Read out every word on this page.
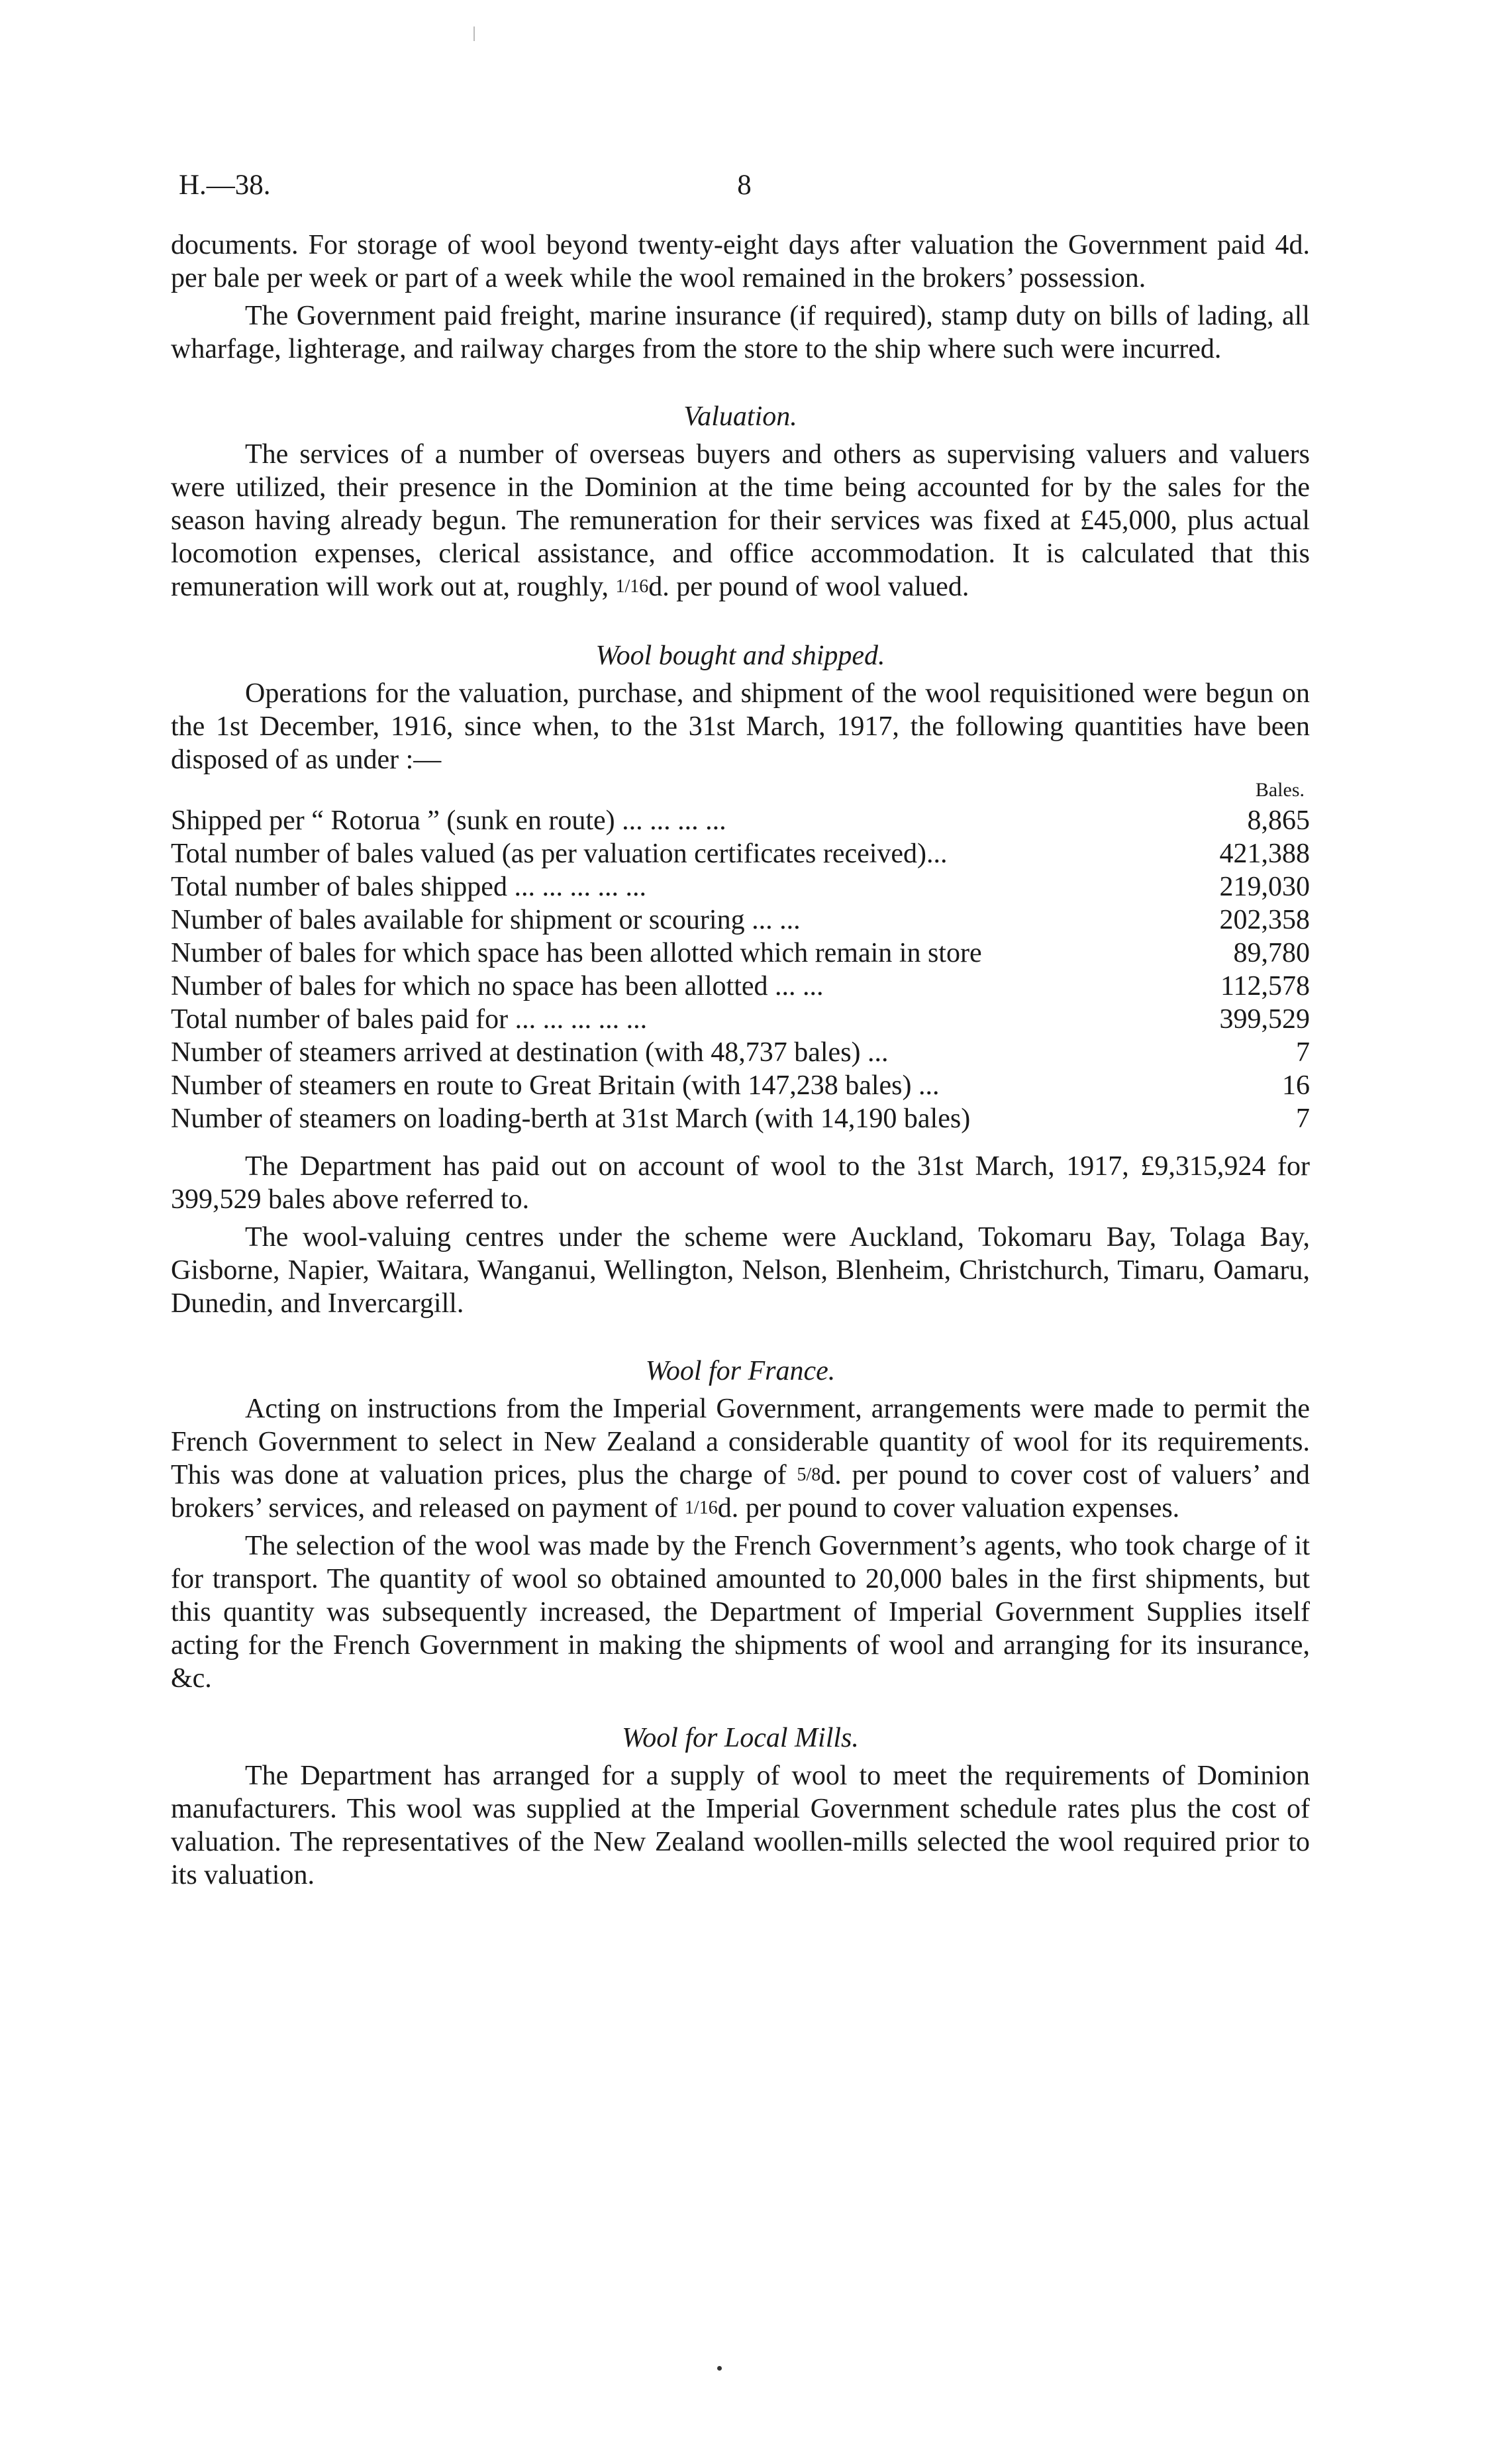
H.—38.	8

documents. For storage of wool beyond twenty-eight days after valuation the Government paid 4d. per bale per week or part of a week while the wool remained in the brokers’ possession.

The Government paid freight, marine insurance (if required), stamp duty on bills of lading, all wharfage, lighterage, and railway charges from the store to the ship where such were incurred.

Valuation.

The services of a number of overseas buyers and others as supervising valuers and valuers were utilized, their presence in the Dominion at the time being accounted for by the sales for the season having already begun. The remuneration for their services was fixed at £45,000, plus actual locomotion expenses, clerical assistance, and office accommodation. It is calculated that this remuneration will work out at, roughly, 1/16d. per pound of wool valued.

Wool bought and shipped.

Operations for the valuation, purchase, and shipment of the wool requisitioned were begun on the 1st December, 1916, since when, to the 31st March, 1917, the following quantities have been disposed of as under :—

Bales.
Shipped per “ Rotorua ” (sunk en route) ... ... ... ...	8,865
Total number of bales valued (as per valuation certificates received)...	421,388
Total number of bales shipped ... ... ... ... ...	219,030
Number of bales available for shipment or scouring ... ...	202,358
Number of bales for which space has been allotted which remain in store	89,780
Number of bales for which no space has been allotted ... ...	112,578
Total number of bales paid for ... ... ... ... ...	399,529
Number of steamers arrived at destination (with 48,737 bales) ...	7
Number of steamers en route to Great Britain (with 147,238 bales) ...	16
Number of steamers on loading-berth at 31st March (with 14,190 bales)	7

The Department has paid out on account of wool to the 31st March, 1917, £9,315,924 for 399,529 bales above referred to.

The wool-valuing centres under the scheme were Auckland, Tokomaru Bay, Tolaga Bay, Gisborne, Napier, Waitara, Wanganui, Wellington, Nelson, Blenheim, Christchurch, Timaru, Oamaru, Dunedin, and Invercargill.

Wool for France.

Acting on instructions from the Imperial Government, arrangements were made to permit the French Government to select in New Zealand a considerable quantity of wool for its requirements. This was done at valuation prices, plus the charge of 5/8d. per pound to cover cost of valuers’ and brokers’ services, and released on payment of 1/16d. per pound to cover valuation expenses.

The selection of the wool was made by the French Government’s agents, who took charge of it for transport. The quantity of wool so obtained amounted to 20,000 bales in the first shipments, but this quantity was subsequently increased, the Department of Imperial Government Supplies itself acting for the French Government in making the shipments of wool and arranging for its insurance, &c.

Wool for Local Mills.

The Department has arranged for a supply of wool to meet the requirements of Dominion manufacturers. This wool was supplied at the Imperial Government schedule rates plus the cost of valuation. The representatives of the New Zealand woollen-mills selected the wool required prior to its valuation.
